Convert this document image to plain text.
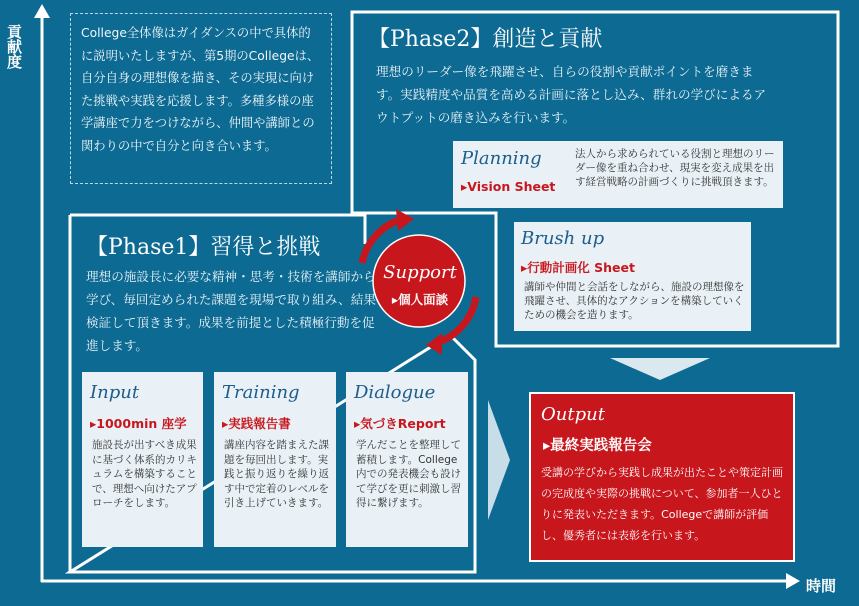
貢献度
時間
College全体像はガイダンスの中で具体的に説明いたしますが、第5期のCollegeは、自分自身の理想像を描き、その実現に向けた挑戦や実践を応援します。多種多様の座学講座で力をつけながら、仲間や講師との関わりの中で自分と向き合います。
【Phase2】創造と貢献
理想のリーダー像を飛躍させ、自らの役割や貢献ポイントを磨きます。実践精度や品質を高める計画に落とし込み、群れの学びによるアウトプットの磨き込みを行います。
Planning
▸Vision Sheet
法人から求められている役割と理想のリーダー像を重ね合わせ、現実を変え成果を出す経営戦略の計画づくりに挑戦頂きます。
Brush up
▸行動計画化 Sheet
講師や仲間と会話をしながら、施設の理想像を飛躍させ、具体的なアクションを構築していくための機会を造ります。
Support
▸個人面談
【Phase1】習得と挑戦
理想の施設長に必要な精神・思考・技術を講師から学び、毎回定められた課題を現場で取り組み、結果検証して頂きます。成果を前提とした積極行動を促進します。
Input
▸1000min 座学
施設長が出すべき成果に基づく体系的カリキュラムを構築することで、理想へ向けたアプローチをします。
Training
▸実践報告書
講座内容を踏まえた課題を毎回出します。実践と振り返りを繰り返す中で定着のレベルを引き上げていきます。
Dialogue
▸気づきReport
学んだことを整理して蓄積します。College内での発表機会も設けて学びを更に刺激し習得に繋げます。
Output
▸最終実践報告会
受講の学びから実践し成果が出たことや策定計画の完成度や実際の挑戦について、参加者一人ひとりに発表いただきます。Collegeで講師が評価し、優秀者には表彰を行います。
